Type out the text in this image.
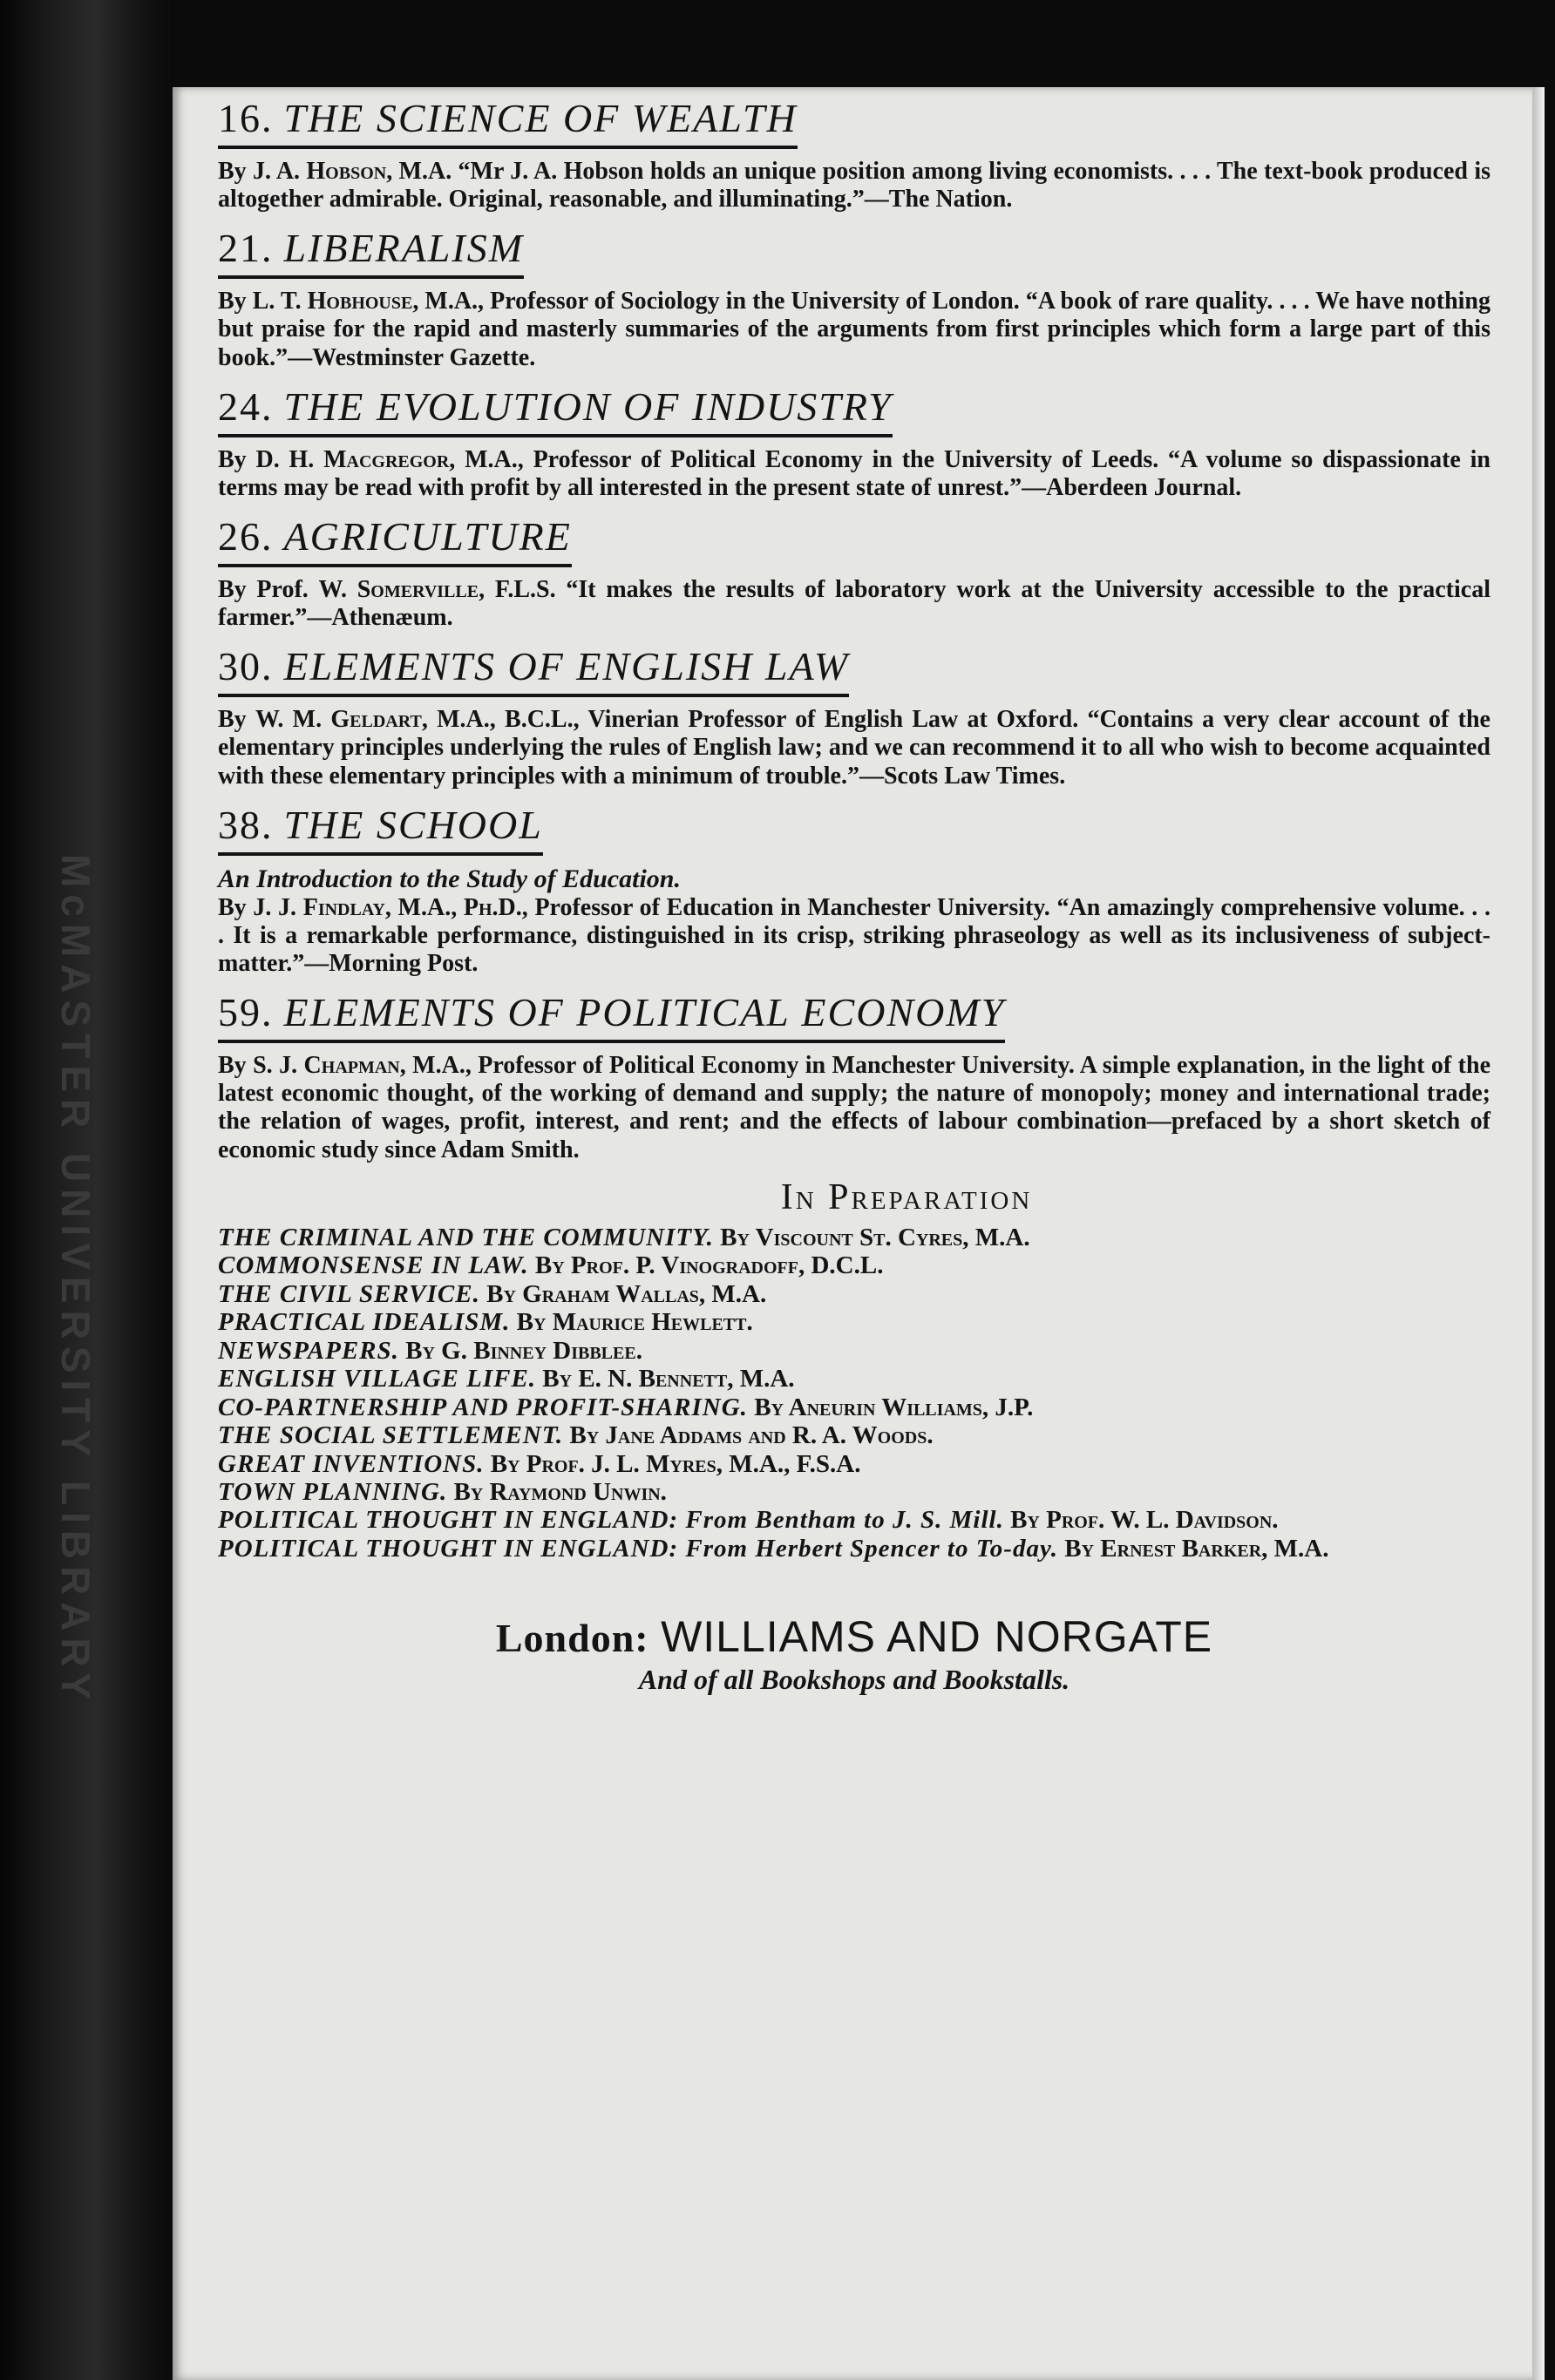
McMASTER UNIVERSITY LIBRARY
16. THE SCIENCE OF WEALTH

By J. A. Hobson, M.A. “Mr J. A. Hobson holds an unique position among living economists. . . . The text-book produced is altogether admirable. Original, reasonable, and illuminating.”—The Nation.

21. LIBERALISM

By L. T. Hobhouse, M.A., Professor of Sociology in the University of London. “A book of rare quality. . . . We have nothing but praise for the rapid and masterly summaries of the arguments from first principles which form a large part of this book.”—Westminster Gazette.

24. THE EVOLUTION OF INDUSTRY

By D. H. Macgregor, M.A., Professor of Political Economy in the University of Leeds. “A volume so dispassionate in terms may be read with profit by all interested in the present state of unrest.”—Aberdeen Journal.

26. AGRICULTURE

By Prof. W. Somerville, F.L.S. “It makes the results of laboratory work at the University accessible to the practical farmer.”—Athenæum.

30. ELEMENTS OF ENGLISH LAW

By W. M. Geldart, M.A., B.C.L., Vinerian Professor of English Law at Oxford. “Contains a very clear account of the elementary principles underlying the rules of English law; and we can recommend it to all who wish to become acquainted with these elementary principles with a minimum of trouble.”—Scots Law Times.

38. THE SCHOOL

An Introduction to the Study of Education.

By J. J. Findlay, M.A., Ph.D., Professor of Education in Manchester University. “An amazingly comprehensive volume. . . . It is a remarkable performance, distinguished in its crisp, striking phraseology as well as its inclusiveness of subject-matter.”—Morning Post.

59. ELEMENTS OF POLITICAL ECONOMY

By S. J. Chapman, M.A., Professor of Political Economy in Manchester University. A simple explanation, in the light of the latest economic thought, of the working of demand and supply; the nature of monopoly; money and international trade; the relation of wages, profit, interest, and rent; and the effects of labour combination—prefaced by a short sketch of economic study since Adam Smith.

In Preparation
THE CRIMINAL AND THE COMMUNITY. By Viscount St. Cyres, M.A.
COMMONSENSE IN LAW. By Prof. P. Vinogradoff, D.C.L.
THE CIVIL SERVICE. By Graham Wallas, M.A.
PRACTICAL IDEALISM. By Maurice Hewlett.
NEWSPAPERS. By G. Binney Dibblee.
ENGLISH VILLAGE LIFE. By E. N. Bennett, M.A.
CO-PARTNERSHIP AND PROFIT-SHARING. By Aneurin Williams, J.P.
THE SOCIAL SETTLEMENT. By Jane Addams and R. A. Woods.
GREAT INVENTIONS. By Prof. J. L. Myres, M.A., F.S.A.
TOWN PLANNING. By Raymond Unwin.
POLITICAL THOUGHT IN ENGLAND: From Bentham to J. S. Mill. By Prof. W. L. Davidson.
POLITICAL THOUGHT IN ENGLAND: From Herbert Spencer to To-day. By Ernest Barker, M.A.
London: WILLIAMS AND NORGATE
And of all Bookshops and Bookstalls.
